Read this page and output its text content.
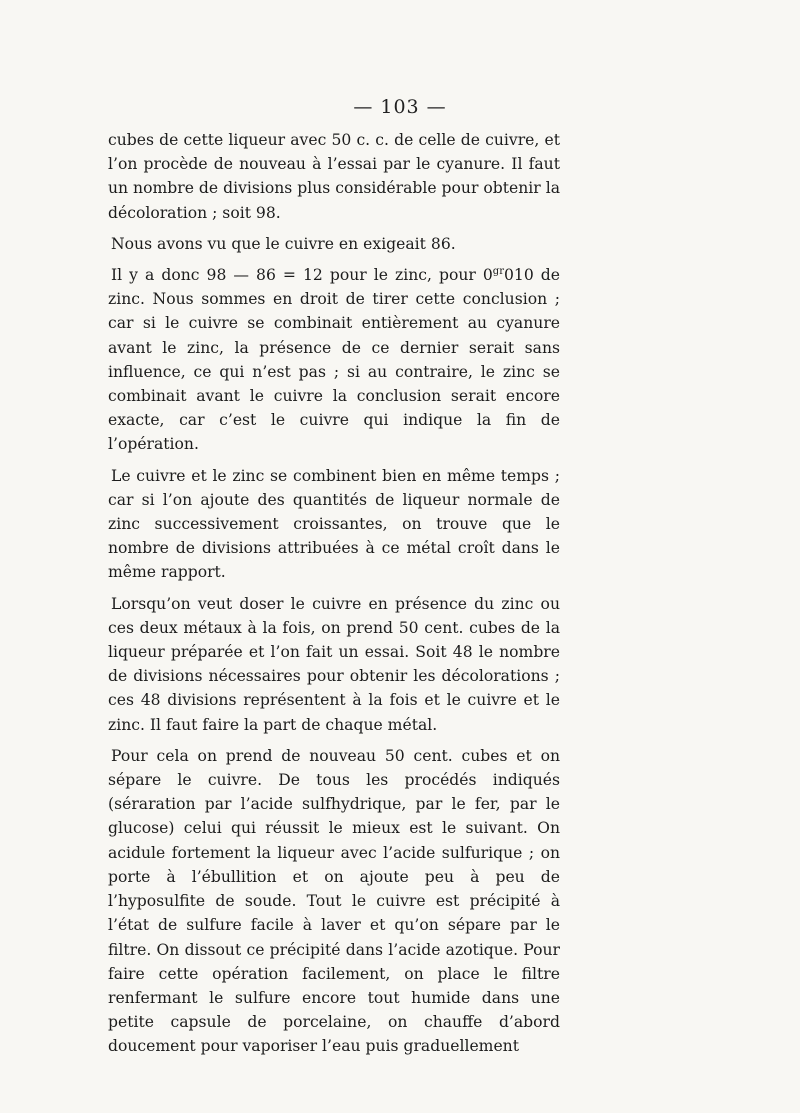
— 103 —

cubes de cette liqueur avec 50 c. c. de celle de cuivre, et l’on procède de nouveau à l’essai par le cyanure. Il faut un nombre de divisions plus considérable pour obtenir la décoloration ; soit 98.

Nous avons vu que le cuivre en exigeait 86.

Il y a donc 98 — 86 = 12 pour le zinc, pour $0^{gr}010$ de zinc. Nous sommes en droit de tirer cette conclusion ; car si le cuivre se combinait entièrement au cyanure avant le zinc, la présence de ce dernier serait sans influence, ce qui n’est pas ; si au contraire, le zinc se combinait avant le cuivre la conclusion serait encore exacte, car c’est le cuivre qui indique la fin de l’opération.

Le cuivre et le zinc se combinent bien en même temps ; car si l’on ajoute des quantités de liqueur normale de zinc successivement croissantes, on trouve que le nombre de divisions attribuées à ce métal croît dans le même rapport.

Lorsqu’on veut doser le cuivre en présence du zinc ou ces deux métaux à la fois, on prend 50 cent. cubes de la liqueur préparée et l’on fait un essai. Soit 48 le nombre de divisions nécessaires pour obtenir les décolorations ; ces 48 divisions représentent à la fois et le cuivre et le zinc. Il faut faire la part de chaque métal.

Pour cela on prend de nouveau 50 cent. cubes et on sépare le cuivre. De tous les procédés indiqués (séraration par l’acide sulfhydrique, par le fer, par le glucose) celui qui réussit le mieux est le suivant. On acidule fortement la liqueur avec l’acide sulfurique ; on porte à l’ébullition et on ajoute peu à peu de l’hyposulfite de soude. Tout le cuivre est précipité à l’état de sulfure facile à laver et qu’on sépare par le filtre. On dissout ce précipité dans l’acide azotique. Pour faire cette opération facilement, on place le filtre renfermant le sulfure encore tout humide dans une petite capsule de porcelaine, on chauffe d’abord doucement pour vaporiser l’eau puis graduellement
